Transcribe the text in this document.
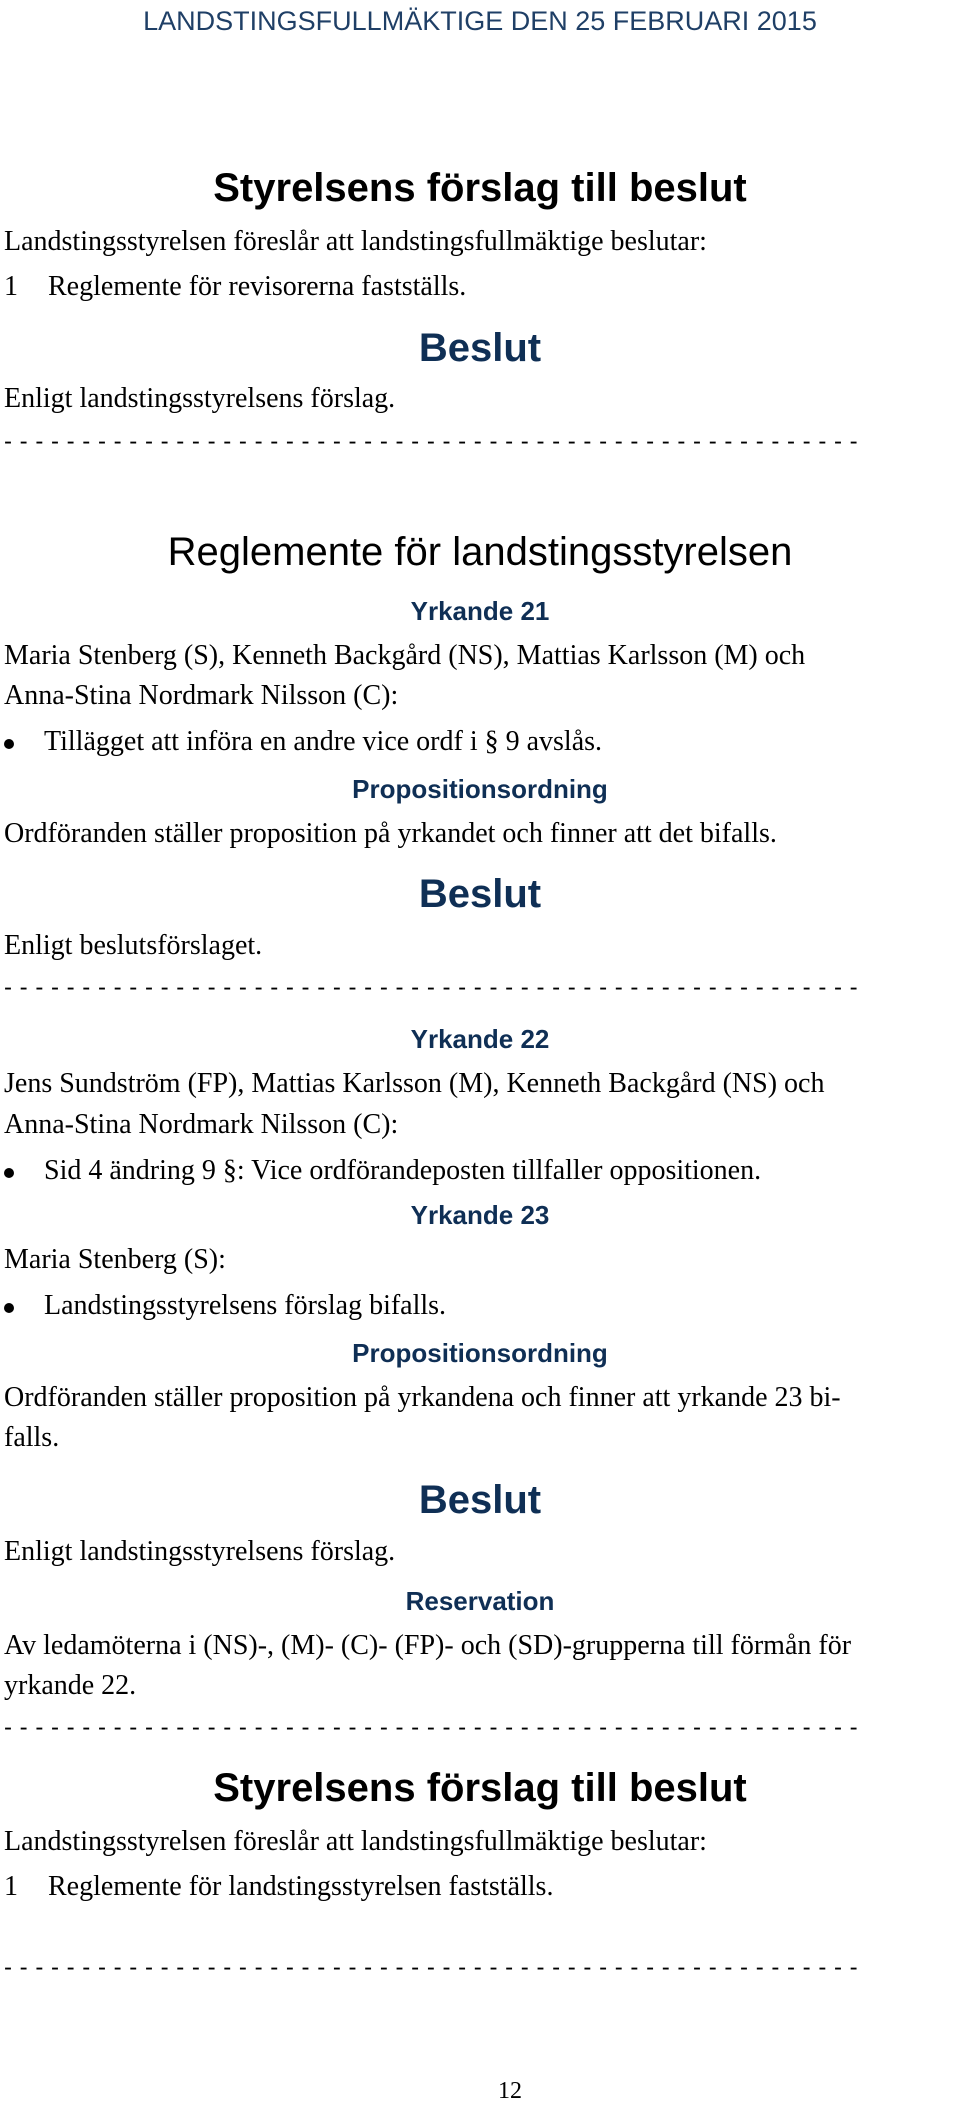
LANDSTINGSFULLMÄKTIGE DEN 25 FEBRUARI 2015
Styrelsens förslag till beslut
Landstingsstyrelsen föreslår att landstingsfullmäktige beslutar:
1 Reglemente för revisorerna fastställs.
Beslut
Enligt landstingsstyrelsens förslag.
- - - - - - - - - - - - - - - - - - - - - - - - - - - - - - - - - - - - - - - - - - - - - - - - - - - - - - -
Reglemente för landstingsstyrelsen
Yrkande 21
Maria Stenberg (S), Kenneth Backgård (NS), Mattias Karlsson (M) och
Anna-Stina Nordmark Nilsson (C):
Tillägget att införa en andre vice ordf i § 9 avslås.
Propositionsordning
Ordföranden ställer proposition på yrkandet och finner att det bifalls.
Beslut
Enligt beslutsförslaget.
- - - - - - - - - - - - - - - - - - - - - - - - - - - - - - - - - - - - - - - - - - - - - - - - - - - - - - -
Yrkande 22
Jens Sundström (FP), Mattias Karlsson (M), Kenneth Backgård (NS) och
Anna-Stina Nordmark Nilsson (C):
Sid 4 ändring 9 §: Vice ordförandeposten tillfaller oppositionen.
Yrkande 23
Maria Stenberg (S):
Landstingsstyrelsens förslag bifalls.
Propositionsordning
Ordföranden ställer proposition på yrkandena och finner att yrkande 23 bi-
falls.
Beslut
Enligt landstingsstyrelsens förslag.
Reservation
Av ledamöterna i (NS)-, (M)- (C)- (FP)- och (SD)-grupperna till förmån för
yrkande 22.
- - - - - - - - - - - - - - - - - - - - - - - - - - - - - - - - - - - - - - - - - - - - - - - - - - - - - - -
Styrelsens förslag till beslut
Landstingsstyrelsen föreslår att landstingsfullmäktige beslutar:
1 Reglemente för landstingsstyrelsen fastställs.
- - - - - - - - - - - - - - - - - - - - - - - - - - - - - - - - - - - - - - - - - - - - - - - - - - - - - - -
12
